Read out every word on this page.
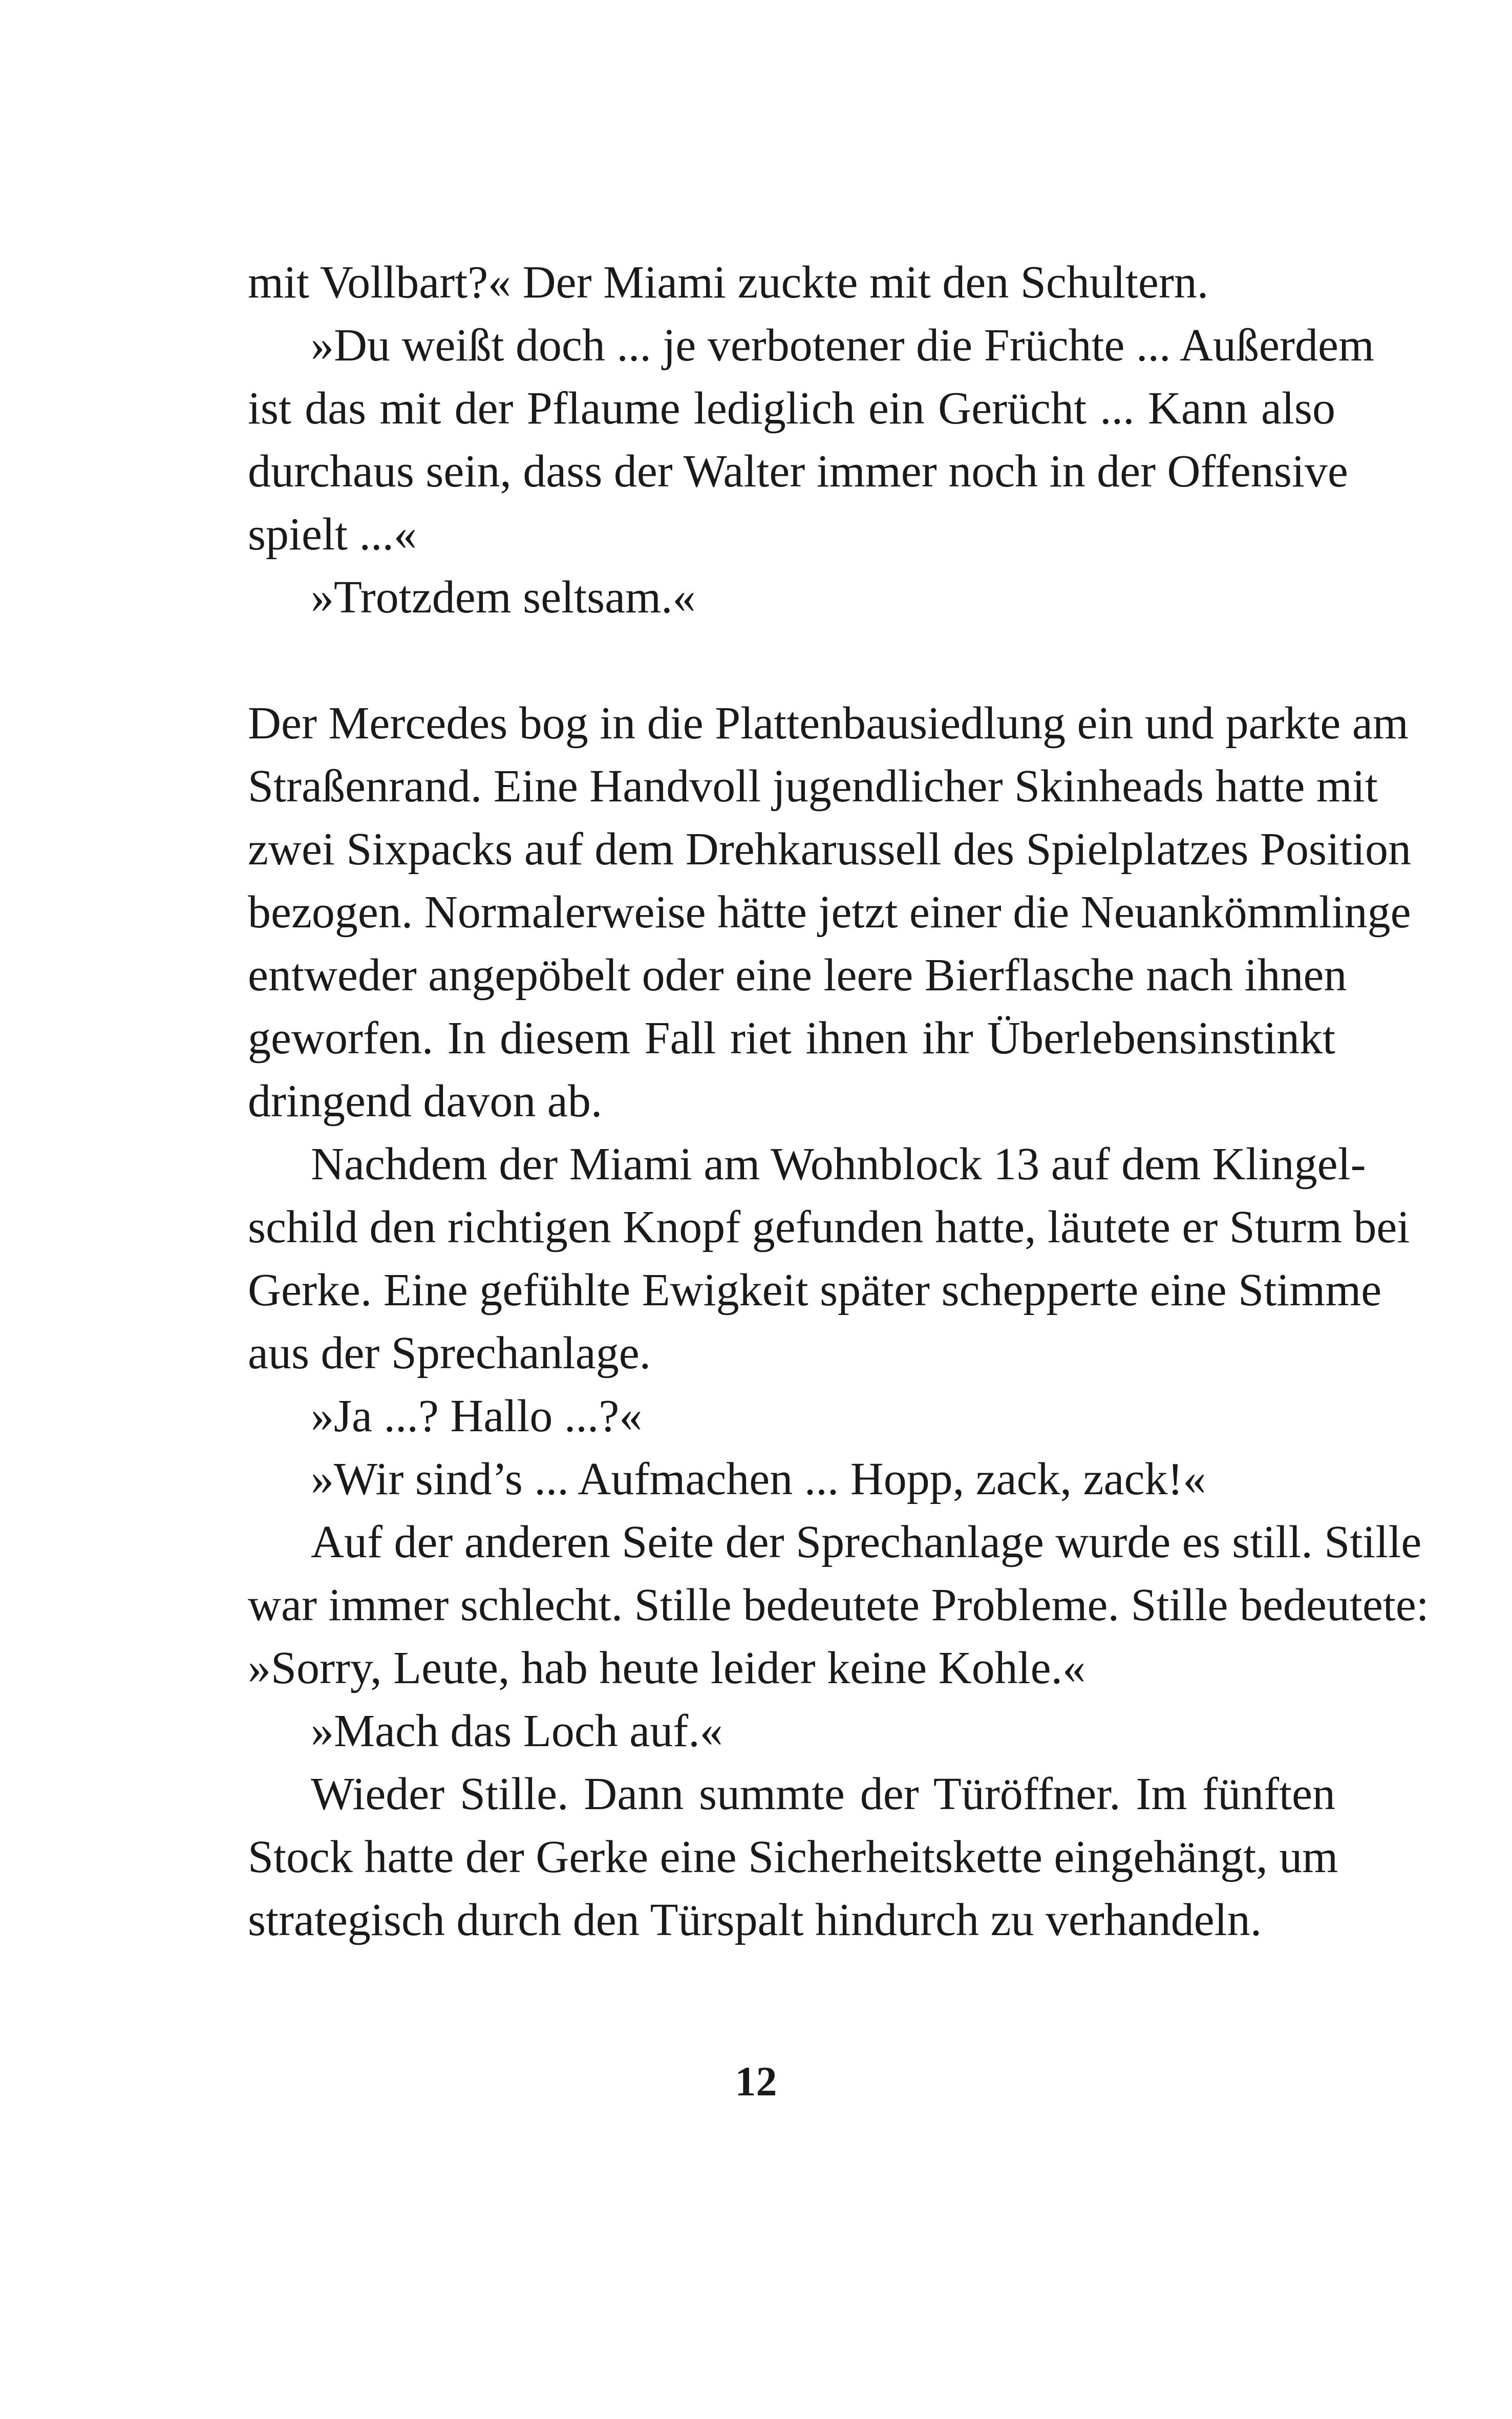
mit Vollbart?« Der Miami zuckte mit den Schultern.
»Du weißt doch ... je verbotener die Früchte ... Außerdem
ist das mit der Pflaume lediglich ein Gerücht ... Kann also
durchaus sein, dass der Walter immer noch in der Offensive
spielt ...«
»Trotzdem seltsam.«
Der Mercedes bog in die Plattenbausiedlung ein und parkte am
Straßenrand. Eine Handvoll jugendlicher Skinheads hatte mit
zwei Sixpacks auf dem Drehkarussell des Spielplatzes Position
bezogen. Normalerweise hätte jetzt einer die Neuankömmlinge
entweder angepöbelt oder eine leere Bierflasche nach ihnen
geworfen. In diesem Fall riet ihnen ihr Überlebensinstinkt
dringend davon ab.
Nachdem der Miami am Wohnblock 13 auf dem Klingel-
schild den richtigen Knopf gefunden hatte, läutete er Sturm bei
Gerke. Eine gefühlte Ewigkeit später schepperte eine Stimme
aus der Sprechanlage.
»Ja ...? Hallo ...?«
»Wir sind’s ... Aufmachen ... Hopp, zack, zack!«
Auf der anderen Seite der Sprechanlage wurde es still. Stille
war immer schlecht. Stille bedeutete Probleme. Stille bedeutete:
»Sorry, Leute, hab heute leider keine Kohle.«
»Mach das Loch auf.«
Wieder Stille. Dann summte der Türöffner. Im fünften
Stock hatte der Gerke eine Sicherheitskette eingehängt, um
strategisch durch den Türspalt hindurch zu verhandeln.
12
